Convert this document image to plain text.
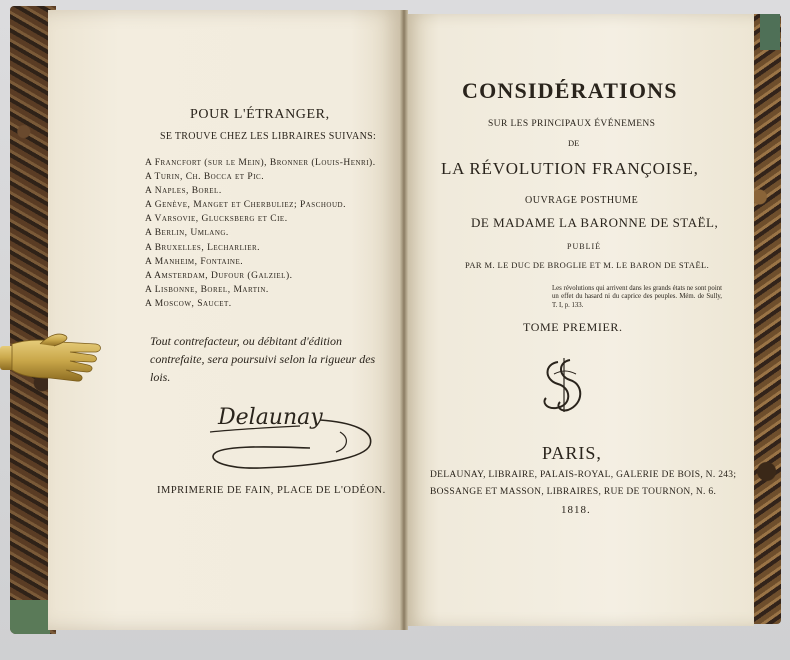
POUR L'ÉTRANGER,
SE TROUVE CHEZ LES LIBRAIRES SUIVANS:
A Francfort (sur le Mein), Bronner (Louis-Henri).
A Turin, Ch. Bocca et Pic.
A Naples, Borel.
A Genève, Manget et Cherbuliez; Paschoud.
A Varsovie, Glucksberg et Cie.
A Berlin, Umlang.
A Bruxelles, Lecharlier.
A Manheim, Fontaine.
A Amsterdam, Dufour (Galziel).
A Lisbonne, Borel, Martin.
A Moscow, Saucet.
Tout contrefacteur, ou débitant d'édition contrefaite, sera poursuivi selon la rigueur des lois.
Delaunay
IMPRIMERIE DE FAIN, PLACE DE L'ODÉON.
CONSIDÉRATIONS
SUR LES PRINCIPAUX ÉVÉNEMENS
DE
LA RÉVOLUTION FRANÇOISE,
OUVRAGE POSTHUME
DE MADAME LA BARONNE DE STAËL,
PUBLIÉ
PAR M. LE DUC DE BROGLIE ET M. LE BARON DE STAËL.
Les révolutions qui arrivent dans les grands états ne sont point un effet du hasard ni du caprice des peuples. Mém. de Sully, T. I, p. 133.
TOME PREMIER.
PARIS,
DELAUNAY, LIBRAIRE, PALAIS-ROYAL, GALERIE DE BOIS, N. 243;
BOSSANGE ET MASSON, LIBRAIRES, RUE DE TOURNON, N. 6.
1818.
